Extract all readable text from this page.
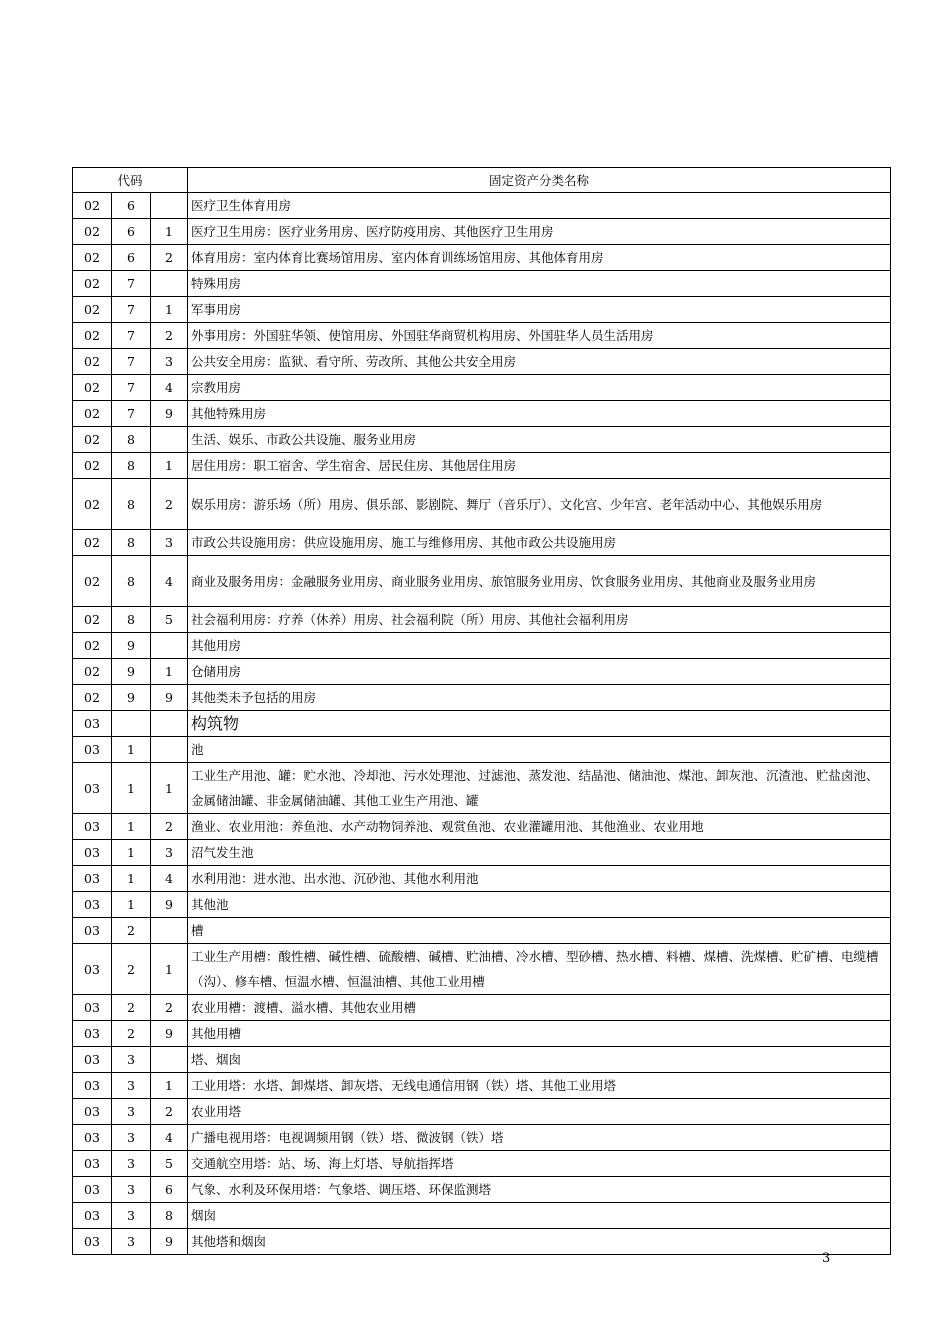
代码			固定资产分类名称
02	6		医疗卫生体育用房
02	6	1	医疗卫生用房：医疗业务用房、医疗防疫用房、其他医疗卫生用房
02	6	2	体育用房：室内体育比赛场馆用房、室内体育训练场馆用房、其他体育用房
02	7		特殊用房
02	7	1	军事用房
02	7	2	外事用房：外国驻华领、使馆用房、外国驻华商贸机构用房、外国驻华人员生活用房
02	7	3	公共安全用房：监狱、看守所、劳改所、其他公共安全用房
02	7	4	宗教用房
02	7	9	其他特殊用房
02	8		生活、娱乐、市政公共设施、服务业用房
02	8	1	居住用房：职工宿舍、学生宿舍、居民住房、其他居住用房
02	8	2	娱乐用房：游乐场（所）用房、俱乐部、影剧院、舞厅（音乐厅）、文化宫、少年宫、老年活动中心、其他娱乐用房
02	8	3	市政公共设施用房：供应设施用房、施工与维修用房、其他市政公共设施用房
02	8	4	商业及服务用房：金融服务业用房、商业服务业用房、旅馆服务业用房、饮食服务业用房、其他商业及服务业用房
02	8	5	社会福利用房：疗养（休养）用房、社会福利院（所）用房、其他社会福利用房
02	9		其他用房
02	9	1	仓储用房
02	9	9	其他类未予包括的用房
03			构筑物
03	1		池
03	1	1	工业生产用池、罐：贮水池、冷却池、污水处理池、过滤池、蒸发池、结晶池、储油池、煤池、卸灰池、沉渣池、贮盐卤池、金属储油罐、非金属储油罐、其他工业生产用池、罐
03	1	2	渔业、农业用池：养鱼池、水产动物饲养池、观赏鱼池、农业灌罐用池、其他渔业、农业用地
03	1	3	沼气发生池
03	1	4	水利用池：进水池、出水池、沉砂池、其他水利用池
03	1	9	其他池
03	2		槽
03	2	1	工业生产用槽：酸性槽、碱性槽、硫酸槽、碱槽、贮油槽、冷水槽、型砂槽、热水槽、料槽、煤槽、洗煤槽、贮矿槽、电缆槽（沟）、修车槽、恒温水槽、恒温油槽、其他工业用槽
03	2	2	农业用槽：渡槽、溢水槽、其他农业用槽
03	2	9	其他用槽
03	3		塔、烟囱
03	3	1	工业用塔：水塔、卸煤塔、卸灰塔、无线电通信用钢（铁）塔、其他工业用塔
03	3	2	农业用塔
03	3	4	广播电视用塔：电视调频用钢（铁）塔、微波钢（铁）塔
03	3	5	交通航空用塔：站、场、海上灯塔、导航指挥塔
03	3	6	气象、水利及环保用塔：气象塔、调压塔、环保监测塔
03	3	8	烟囱
03	3	9	其他塔和烟囱
3
